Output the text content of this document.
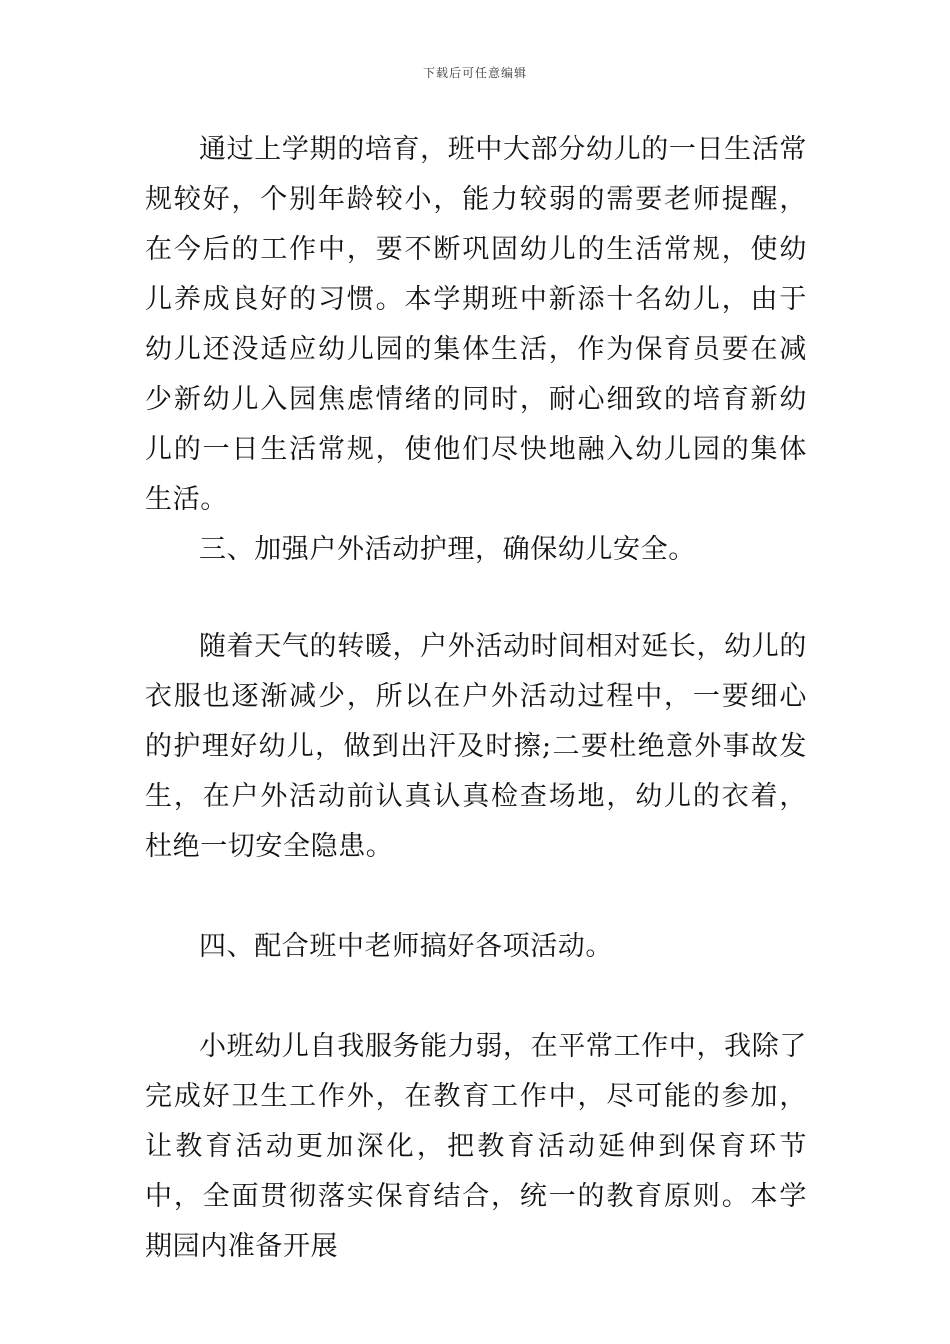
下载后可任意编辑

通过上学期的培育，班中大部分幼儿的一日生活常规较好，个别年龄较小，能力较弱的需要老师提醒，在今后的工作中，要不断巩固幼儿的生活常规，使幼儿养成良好的习惯。本学期班中新添十名幼儿，由于幼儿还没适应幼儿园的集体生活，作为保育员要在减少新幼儿入园焦虑情绪的同时，耐心细致的培育新幼儿的一日生活常规，使他们尽快地融入幼儿园的集体生活。

三、加强户外活动护理，确保幼儿安全。

随着天气的转暖，户外活动时间相对延长，幼儿的衣服也逐渐减少，所以在户外活动过程中，一要细心的护理好幼儿，做到出汗及时擦;二要杜绝意外事故发生，在户外活动前认真认真检查场地，幼儿的衣着，杜绝一切安全隐患。

四、配合班中老师搞好各项活动。

小班幼儿自我服务能力弱，在平常工作中，我除了完成好卫生工作外，在教育工作中，尽可能的参加，让教育活动更加深化，把教育活动延伸到保育环节中，全面贯彻落实保育结合，统一的教育原则。本学期园内准备开展
